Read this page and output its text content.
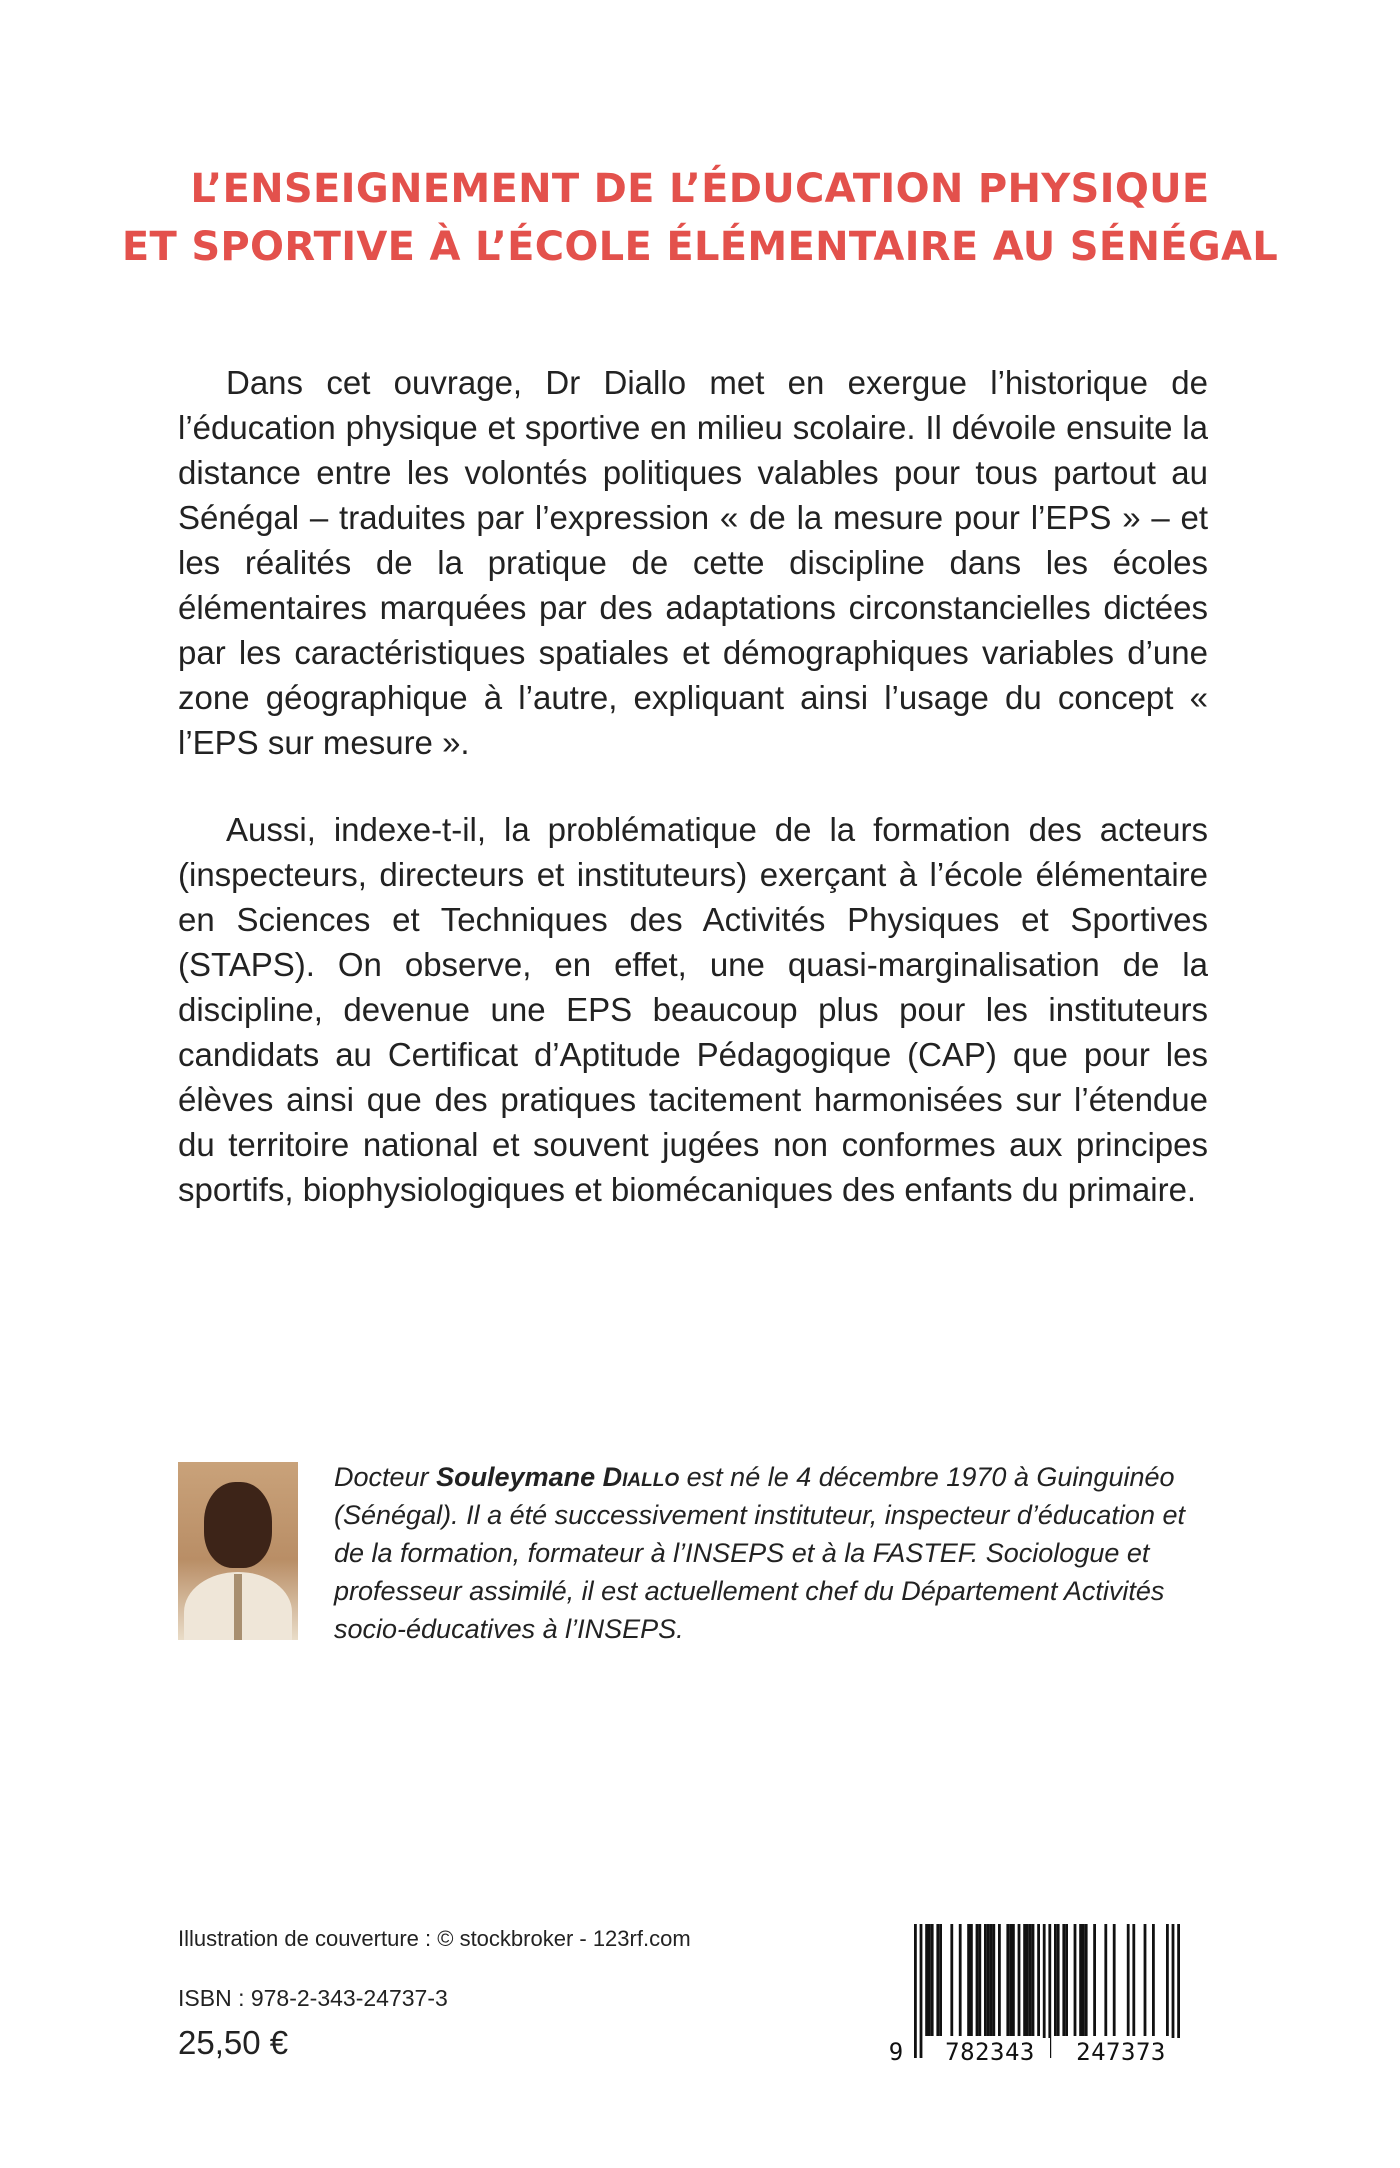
L’ENSEIGNEMENT DE L’ÉDUCATION PHYSIQUE
ET SPORTIVE À L’ÉCOLE ÉLÉMENTAIRE AU SÉNÉGAL

Dans cet ouvrage, Dr Diallo met en exergue l’historique de l’éducation physique et sportive en milieu scolaire. Il dévoile ensuite la distance entre les volontés politiques valables pour tous partout au Sénégal – traduites par l’expression « de la mesure pour l’EPS » – et les réalités de la pratique de cette discipline dans les écoles élémentaires marquées par des adaptations circonstancielles dictées par les caractéristiques spatiales et démographiques variables d’une zone géographique à l’autre, expliquant ainsi l’usage du concept « l’EPS sur mesure ».

Aussi, indexe-t-il, la problématique de la formation des acteurs (inspecteurs, directeurs et instituteurs) exerçant à l’école élémentaire en Sciences et Techniques des Activités Physiques et Sportives (STAPS). On observe, en effet, une quasi-marginalisation de la discipline, devenue une EPS beaucoup plus pour les instituteurs candidats au Certificat d’Aptitude Pédagogique (CAP) que pour les élèves ainsi que des pratiques tacitement harmonisées sur l’étendue du territoire national et souvent jugées non conformes aux principes sportifs, biophysiologiques et biomécaniques des enfants du primaire.

Docteur Souleymane Diallo est né le 4 décembre 1970 à Guinguinéo (Sénégal). Il a été successivement instituteur, inspecteur d’éducation et de la formation, formateur à l’INSEPS et à la FASTEF. Sociologue et professeur assimilé, il est actuellement chef du Département Activités socio-éducatives à l’INSEPS.
Illustration de couverture : © stockbroker - 123rf.com
ISBN : 978-2-343-24737-3
25,50 €	9	782343	247373
